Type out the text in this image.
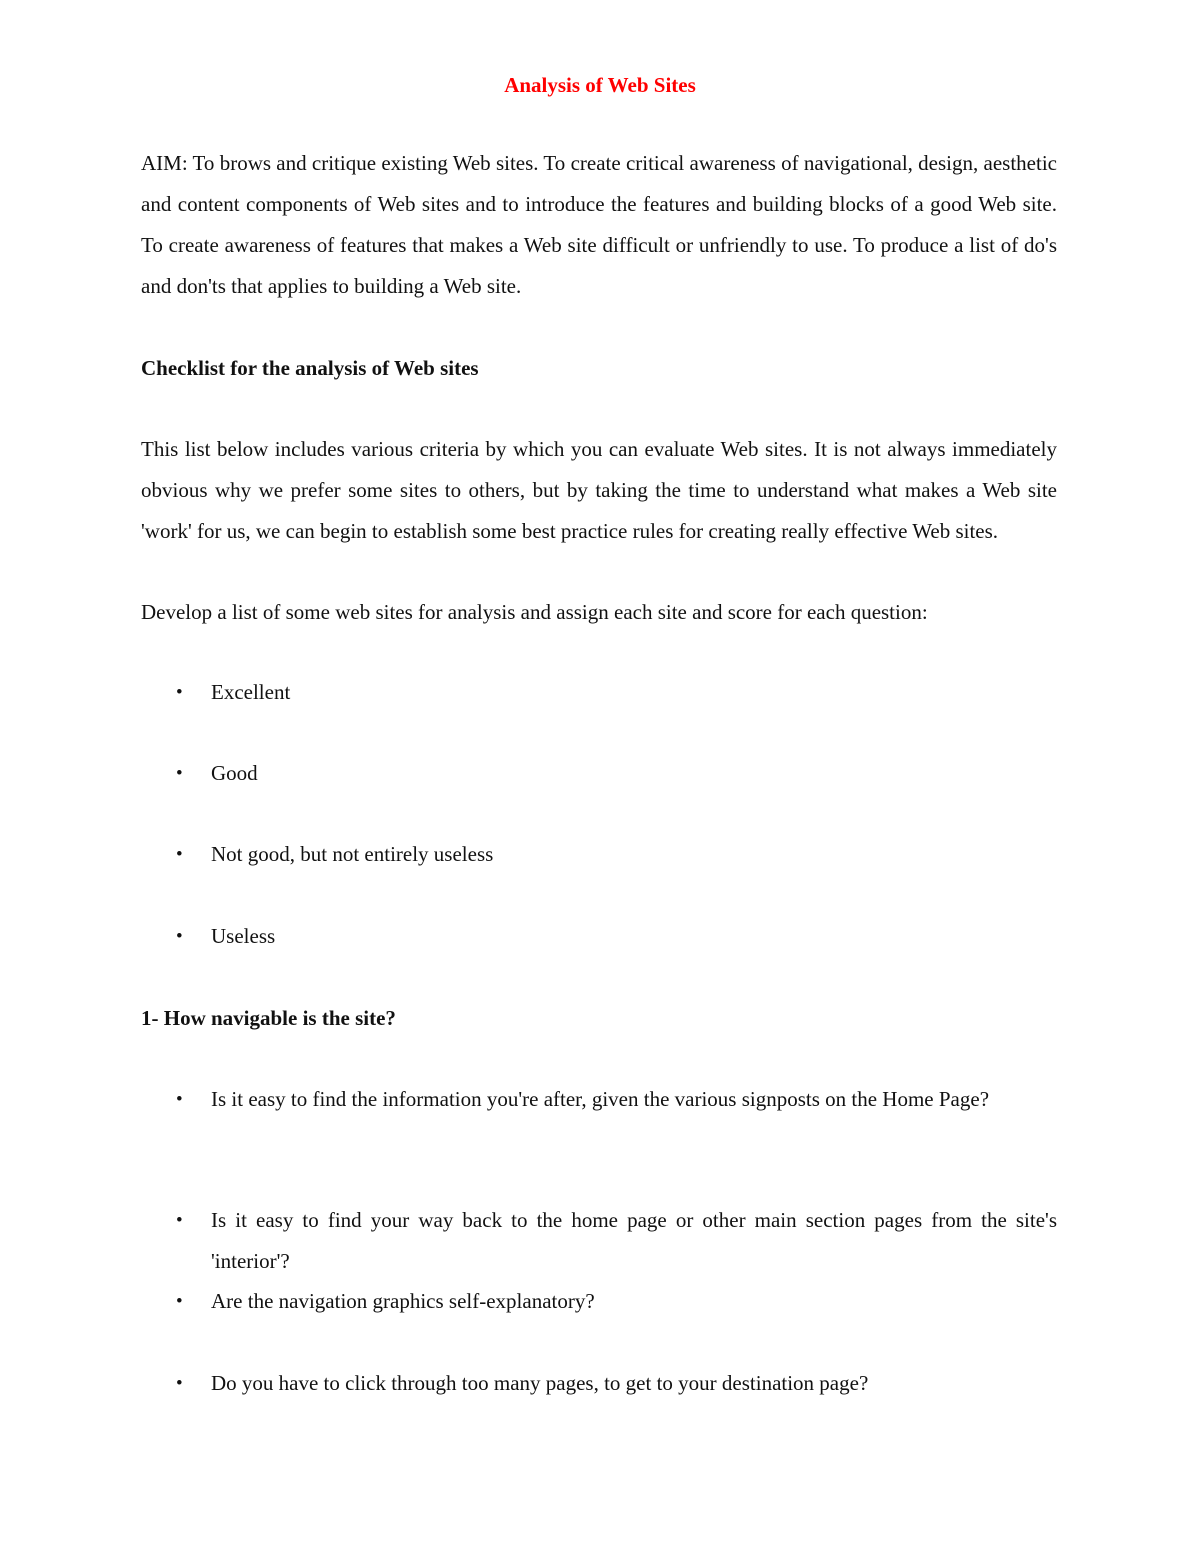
Analysis of Web Sites

AIM: To brows and critique existing Web sites. To create critical awareness of navigational, design, aesthetic and content components of Web sites and to introduce the features and building blocks of a good Web site. To create awareness of features that makes a Web site difficult or unfriendly to use. To produce a list of do's and don'ts that applies to building a Web site.

Checklist for the analysis of Web sites

This list below includes various criteria by which you can evaluate Web sites. It is not always immediately obvious why we prefer some sites to others, but by taking the time to understand what makes a Web site 'work' for us, we can begin to establish some best practice rules for creating really effective Web sites.

Develop a list of some web sites for analysis and assign each site and score for each question:

•	Excellent
•	Good
•	Not good, but not entirely useless
•	Useless

1- How navigable is the site?

•	Is it easy to find the information you're after, given the various signposts on the Home Page?
•	Is it easy to find your way back to the home page or other main section pages from the site's 'interior'?
•	Are the navigation graphics self-explanatory?
•	Do you have to click through too many pages, to get to your destination page?
